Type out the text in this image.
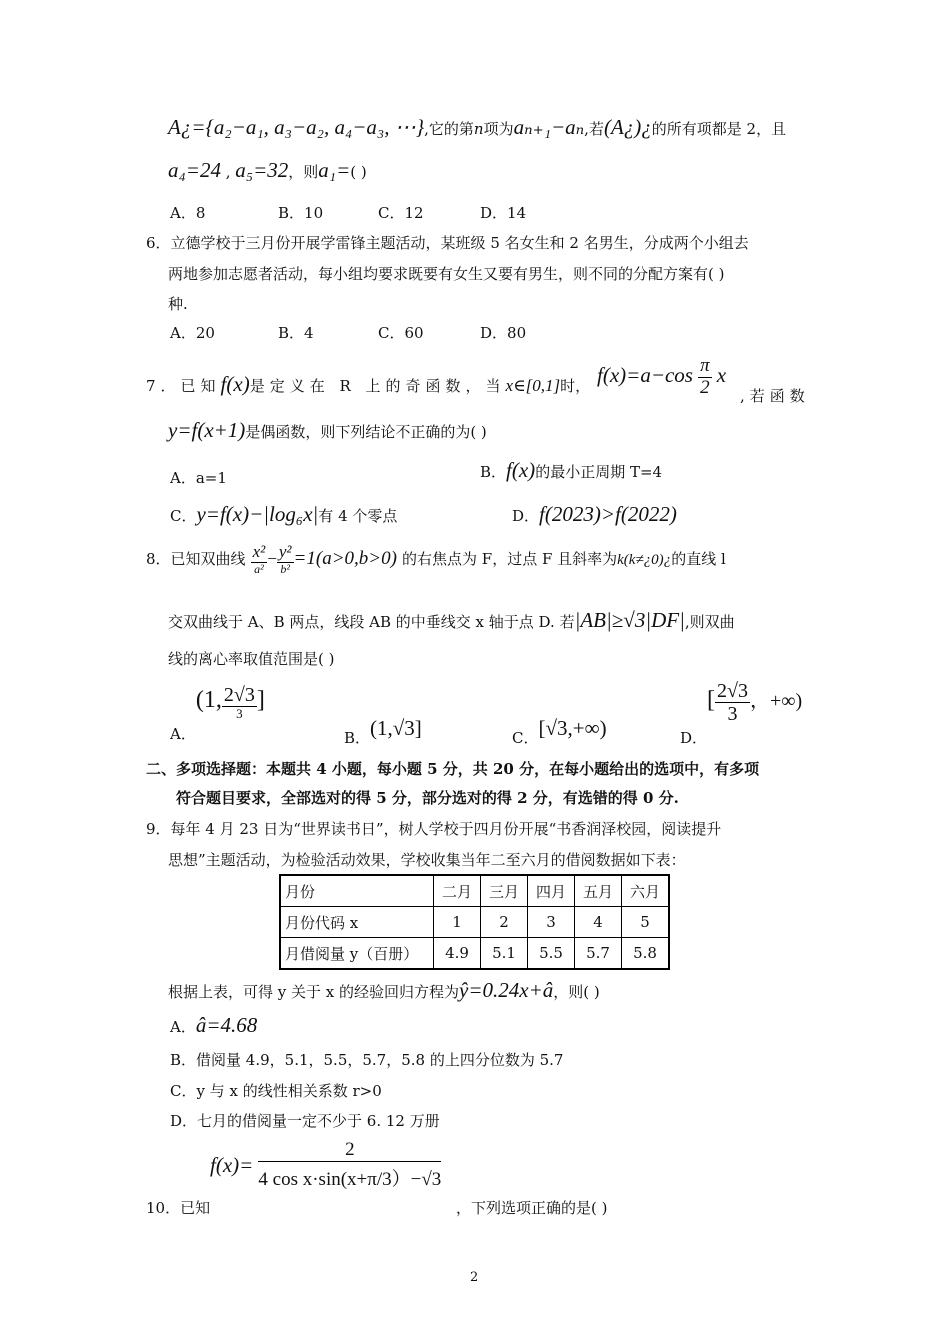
A¿={a₂−a₁, a₃−a₂, a₄−a₃, ⋯},它的第n项为aₙ₊₁−aₙ,若(A¿)¿的所有项都是 2，且
a₄=24 , a₅=32，则a₁=( )
A．8	B．10	C．12	D．14
6．立德学校于三月份开展学雷锋主题活动，某班级 5 名女生和 2 名男生，分成两个小组去
两地参加志愿者活动，每小组均要求既要有女生又要有男生，则不同的分配方案有( )
种.
A．20	B．4	C．60	D．80
7．已知f(x)是定义在 R 上的奇函数，当x∈[0,1]时， $f(x)=a-\cos \frac{\pi}{2}$ x
,若函数
y=f(x+1)是偶函数，则下列结论不正确的为( )
A．a=1	B．f(x)的最小正周期 T=4
C．y=f(x)−|log₆x|有 4 个零点	D．f(2023)>f(2022)
8．已知双曲线 $\frac{\text{x²}}{\text{a²}} - \frac{\text{y²}}{\text{b²}} =1(a>0,b>0)$ 的右焦点为 F，过点 F 且斜率为k(k≠¿0)¿的直线 l
交双曲线于 A、B 两点，线段 AB 的中垂线交 x 轴于点 D. 若|AB|≥√3|DF|,则双曲
线的离心率取值范围是( )
A．(1, $\frac{2√3}{3}$ ]
B．(1,√3]	C．[√3,+∞)	D．[ $\frac{2√3}{3}$ ，+∞)
二、多项选择题：本题共 4 小题，每小题 5 分，共 20 分，在每小题给出的选项中，有多项
符合题目要求，全部选对的得 5 分，部分选对的得 2 分，有选错的得 0 分.
9．每年 4 月 23 日为“世界读书日”，树人学校于四月份开展“书香润泽校园，阅读提升
思想”主题活动，为检验活动效果，学校收集当年二至六月的借阅数据如下表：
月份	二月	三月	四月	五月	六月
月份代码 x	1	2	3	4	5
月借阅量 y（百册）	4.9	5.1	5.5	5.7	5.8
根据上表，可得 y 关于 x 的经验回归方程为ŷ=0.24x+â，则( )
A．â=4.68
B．借阅量 4.9，5.1，5.5，5.7，5.8 的上四分位数为 5.7
C．y 与 x 的线性相关系数 r>0
D．七月的借阅量一定不少于 6. 12 万册
$f(x)= \frac{2}{\text{4 cos x·sin(x+π/3）−√3}}$
10．已知	，下列选项正确的是( )
2
